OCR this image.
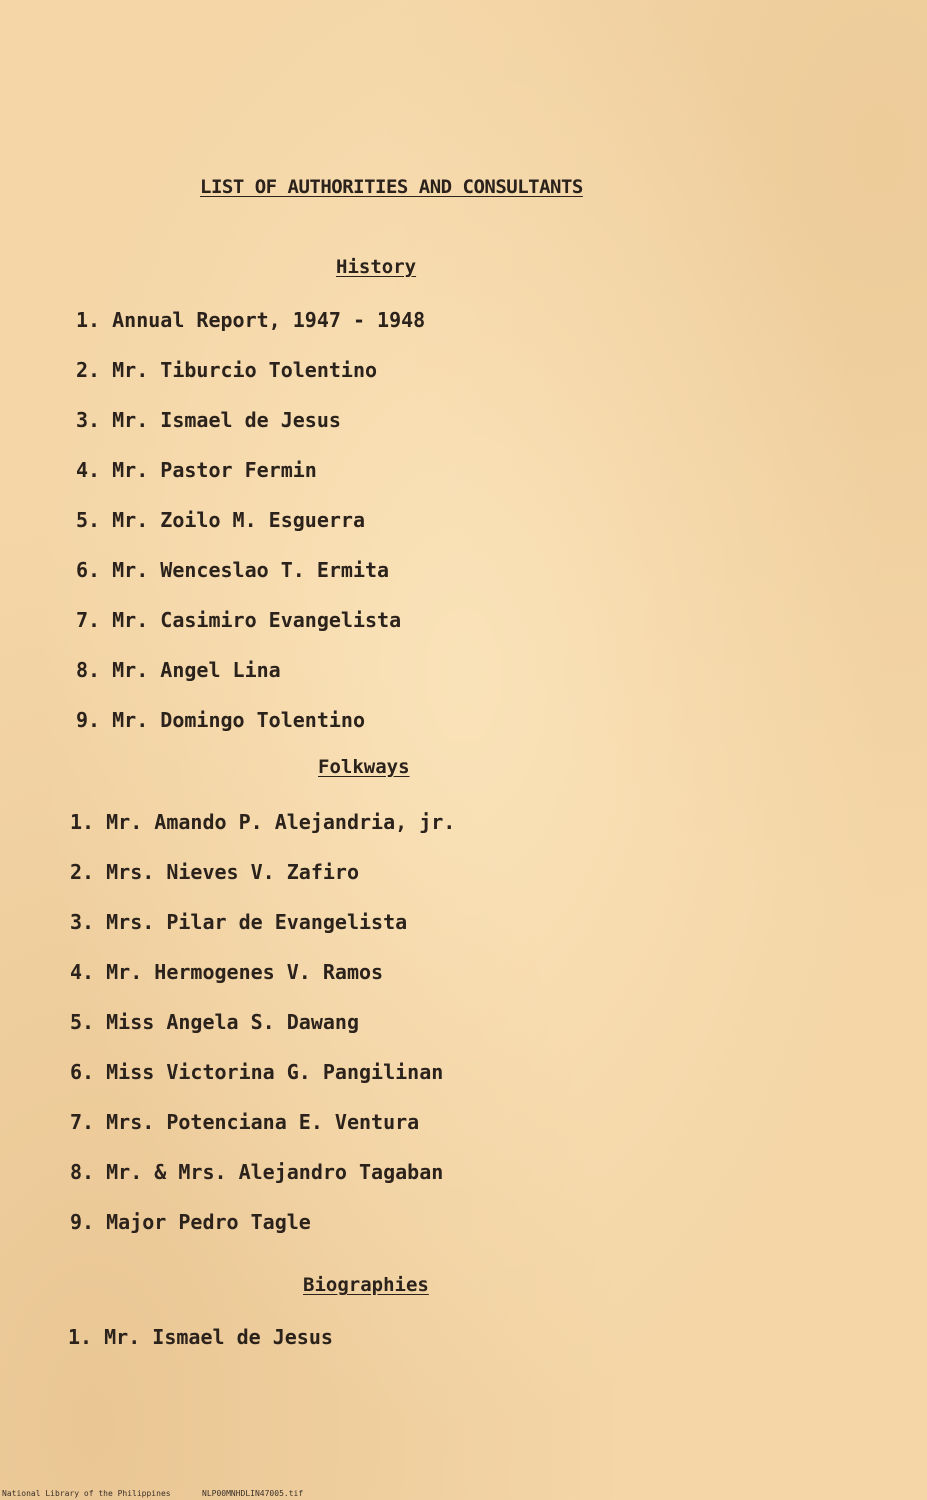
LIST OF AUTHORITIES AND CONSULTANTS
History
1. Annual Report, 1947 - 1948
2. Mr. Tiburcio Tolentino
3. Mr. Ismael de Jesus
4. Mr. Pastor Fermin
5. Mr. Zoilo M. Esguerra
6. Mr. Wenceslao T. Ermita
7. Mr. Casimiro Evangelista
8. Mr. Angel Lina
9. Mr. Domingo Tolentino
Folkways
1. Mr. Amando P. Alejandria, jr.
2. Mrs. Nieves V. Zafiro
3. Mrs. Pilar de Evangelista
4. Mr. Hermogenes V. Ramos
5. Miss Angela S. Dawang
6. Miss Victorina G. Pangilinan
7. Mrs. Potenciana E. Ventura
8. Mr. & Mrs. Alejandro Tagaban
9. Major Pedro Tagle
Biographies
1. Mr. Ismael de Jesus
National Library of the Philippines	NLP00MNHDLIN47005.tif
